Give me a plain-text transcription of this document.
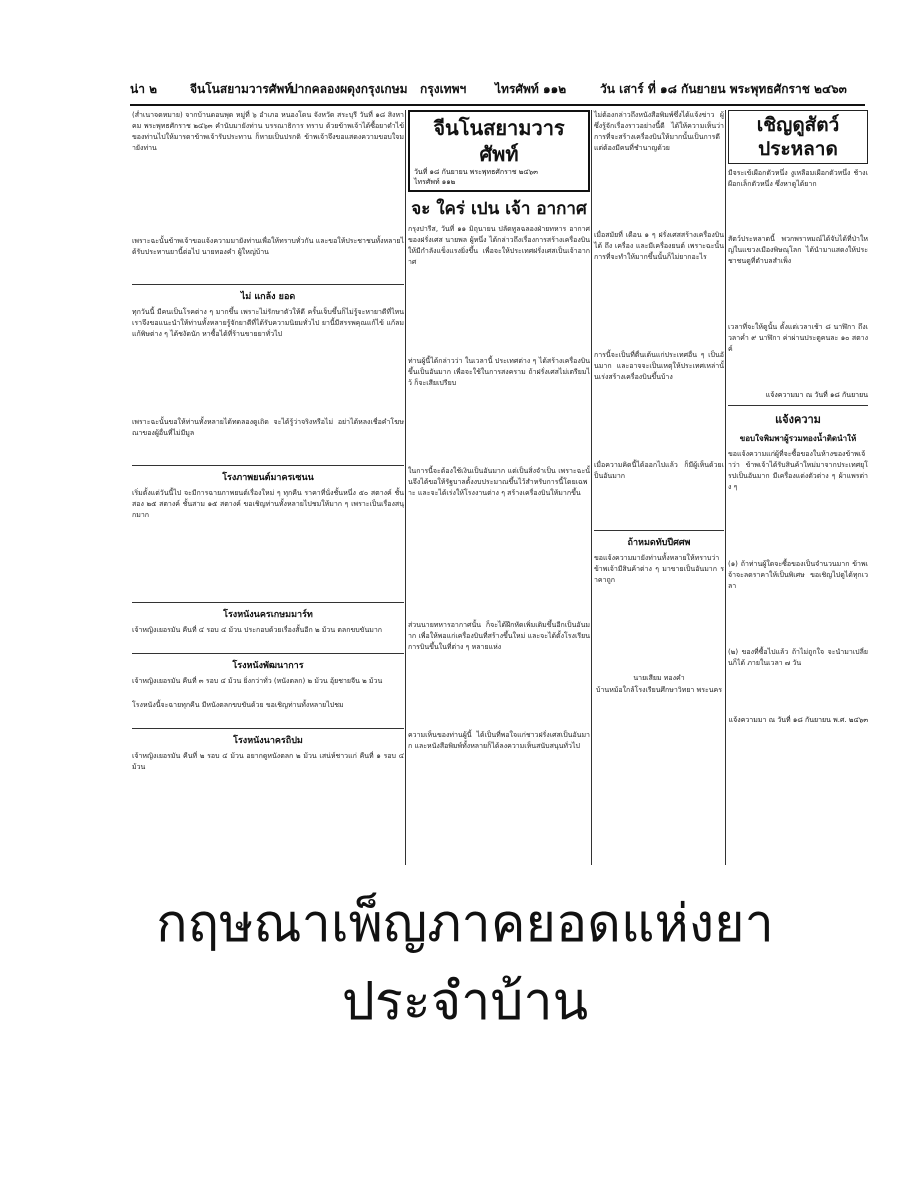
น่า ๒	จีนโนสยามวารศัพท์
ปากคลองผดุงกรุงเกษม กรุงเทพฯ ไทรศัพท์ ๑๑๒	วัน เสาร์ ที่ ๑๘ กันยายน พระพุทธศักราช ๒๔๖๓
(ส่ำเนาจดหมาย) จากบ้านดอนพุด หมู่ที่ ๖ อำเภอ หนองโดน จังหวัด สระบุรี วันที่ ๑๘ สิงหาคม พระพุทธศักราช ๒๔๖๓ คำนับมายังท่าน บรรณาธิการ ทราบ ด้วยข้าพเจ้าได้ซื้อยาดำไข้ของท่านไปให้มารดาข้าพเจ้ารับประทาน ก็หายเป็นปรกติ ข้าพเจ้าจึงขอแสดงความขอบใจมายังท่าน
เพราะฉะนั้นข้าพเจ้าขอแจ้งความมายังท่านเพื่อให้ทราบทั่วกัน และขอให้ประชาชนทั้งหลายได้รับประทานยานี้ต่อไป นายทองคำ ผู้ใหญ่บ้าน
ไม่ แกล้ง ยอด
ทุกวันนี้ มีคนเป็นโรคต่าง ๆ มากขึ้น เพราะไม่รักษาตัวให้ดี ครั้นเจ็บขึ้นก็ไม่รู้จะหายาดีที่ไหน เราจึงขอแนะนำให้ท่านทั้งหลายรู้จักยาดีที่ได้รับความนิยมทั่วไป ยานี้มีสรรพคุณแก้ไข้ แก้ลม แก้พิษต่าง ๆ ได้ชงัดนัก หาซื้อได้ที่ร้านขายยาทั่วไป
เพราะฉะนั้นขอให้ท่านทั้งหลายได้ทดลองดูเถิด จะได้รู้ว่าจริงหรือไม่ อย่าได้หลงเชื่อคำโฆษณาของผู้อื่นที่ไม่มีมูล
โรงภาพยนต์มาครเซนน
เริ่มตั้งแต่วันนี้ไป จะมีการฉายภาพยนต์เรื่องใหม่ ๆ ทุกคืน ราคาที่นั่งชั้นหนึ่ง ๕๐ สตางค์ ชั้นสอง ๒๕ สตางค์ ชั้นสาม ๑๕ สตางค์ ขอเชิญท่านทั้งหลายไปชมให้มาก ๆ เพราะเป็นเรื่องสนุกมาก
โรงหนังนครเกษมมาร์ท
เจ้าหญิงเยอรมัน คืนที่ ๔ รอบ ๔ ม้วน ประกอบด้วยเรื่องสั้นอีก ๒ ม้วน ตลกขบขันมาก
โรงหนังพัฒนาการ
เจ้าหญิงเยอรมัน คืนที่ ๓ รอบ ๔ ม้วน ยิ่งกว่าทั่ว (หนังตลก) ๒ ม้วน อุ้ยชายจีน ๒ ม้วน
โรงหนังนี้จะฉายทุกคืน มีหนังตลกขบขันด้วย ขอเชิญท่านทั้งหลายไปชม
โรงหนังนาครถิปม
เจ้าหญิงเยอรมัน คืนที่ ๒ รอบ ๔ ม้วน อยากดูหนังตลก ๒ ม้วน เสน่ห์ชาวแก่ คืนที่ ๑ รอบ ๔ ม้วน
จีนโนสยามวารศัพท์
วันที่ ๑๘ กันยายน พระพุทธศักราช ๒๔๖๓
ไทรศัพท์ ๑๑๒
จะ ใคร่ เปน เจ้า อากาศ
กรุงปารีส, วันที่ ๑๑ มิถุนายน ปลัดทูลฉลองฝ่ายทหาร อากาศของฝรั่งเศส นายพล ผู้หนึ่ง ได้กล่าวถึงเรื่องการสร้างเครื่องบินให้มีกำลังแข็งแรงยิ่งขึ้น เพื่อจะให้ประเทศฝรั่งเศสเป็นเจ้าอากาศ
ท่านผู้นี้ได้กล่าวว่า ในเวลานี้ ประเทศต่าง ๆ ได้สร้างเครื่องบินขึ้นเป็นอันมาก เพื่อจะใช้ในการสงคราม ถ้าฝรั่งเศสไม่เตรียมไว้ ก็จะเสียเปรียบ
ในการนี้จะต้องใช้เงินเป็นอันมาก แต่เป็นสิ่งจำเป็น เพราะฉะนั้นจึงได้ขอให้รัฐบาลตั้งงบประมาณขึ้นไว้สำหรับการนี้โดยเฉพาะ และจะได้เร่งให้โรงงานต่าง ๆ สร้างเครื่องบินให้มากขึ้น
ส่วนนายทหารอากาศนั้น ก็จะได้ฝึกหัดเพิ่มเติมขึ้นอีกเป็นอันมาก เพื่อให้พอแก่เครื่องบินที่สร้างขึ้นใหม่ และจะได้ตั้งโรงเรียนการบินขึ้นในที่ต่าง ๆ หลายแห่ง
ความเห็นของท่านผู้นี้ ได้เป็นที่พอใจแก่ชาวฝรั่งเศสเป็นอันมาก และหนังสือพิมพ์ทั้งหลายก็ได้ลงความเห็นสนับสนุนทั่วไป
ไม่ต้องกล่าวถึงหนังสือพิมพ์ซึ่งได้แจ้งข่าว ผู้ซึ่งรู้จักเรื่องราวอย่างนี้ดี ได้ให้ความเห็นว่า การที่จะสร้างเครื่องบินให้มากนั้นเป็นการดี แต่ต้องมีคนที่ชำนาญด้วย
เมื่อสมัยที่ เดือน ๑ ๆ ฝรั่งเศสสร้างเครื่องบินได้ ถึง เครื่อง และมีเครื่องยนต์ เพราะฉะนั้นการที่จะทำให้มากขึ้นนั้นก็ไม่ยากอะไร
การนี้จะเป็นที่ตื่นเต้นแก่ประเทศอื่น ๆ เป็นอันมาก และอาจจะเป็นเหตุให้ประเทศเหล่านั้นเร่งสร้างเครื่องบินขึ้นบ้าง
เมื่อความคิดนี้ได้ออกไปแล้ว ก็มีผู้เห็นด้วยเป็นอันมาก
ถ้าหมดทับปีศศพ
ขอแจ้งความมายังท่านทั้งหลายให้ทราบว่า ข้าพเจ้ามีสินค้าต่าง ๆ มาขายเป็นอันมาก ราคาถูก
นายเสียม ทองคำ
บ้านหม้อใกล้โรงเรียนศึกษาวิทยา พระนคร
เชิญดูสัตว์ประหลาด
มีจระเข้เผือกตัวหนึ่ง งูเหลือมเผือกตัวหนึ่ง ช้างเผือกเล็กตัวหนึ่ง ซึ่งหาดูได้ยาก
สัตว์ประหลาดนี้ พวกพราหมณ์ได้จับได้ที่ป่าใหญ่ในแขวงเมืองพิษณุโลก ได้นำมาแสดงให้ประชาชนดูที่ตำบลสำเพ็ง
เวลาที่จะให้ดูนั้น ตั้งแต่เวลาเช้า ๘ นาฬิกา ถึงเวลาค่ำ ๙ นาฬิกา ค่าผ่านประตูคนละ ๑๐ สตางค์
แจ้งความมา ณ วันที่ ๑๘ กันยายน
แจ้งความ
ขอบใจพิมพาผู้รวมทองน้ำติดนำให้
ขอแจ้งความแก่ผู้ที่จะซื้อของในห้างของข้าพเจ้าว่า ข้าพเจ้าได้รับสินค้าใหม่มาจากประเทศยุโรปเป็นอันมาก มีเครื่องแต่งตัวต่าง ๆ ผ้าแพรต่าง ๆ
(๑) ถ้าท่านผู้ใดจะซื้อของเป็นจำนวนมาก ข้าพเจ้าจะลดราคาให้เป็นพิเศษ ขอเชิญไปดูได้ทุกเวลา
(๒) ของที่ซื้อไปแล้ว ถ้าไม่ถูกใจ จะนำมาเปลี่ยนก็ได้ ภายในเวลา ๗ วัน
แจ้งความมา ณ วันที่ ๑๘ กันยายน พ.ศ. ๒๔๖๓
กฤษณาเพ็ญภาคยอดแห่งยาประจำบ้าน
